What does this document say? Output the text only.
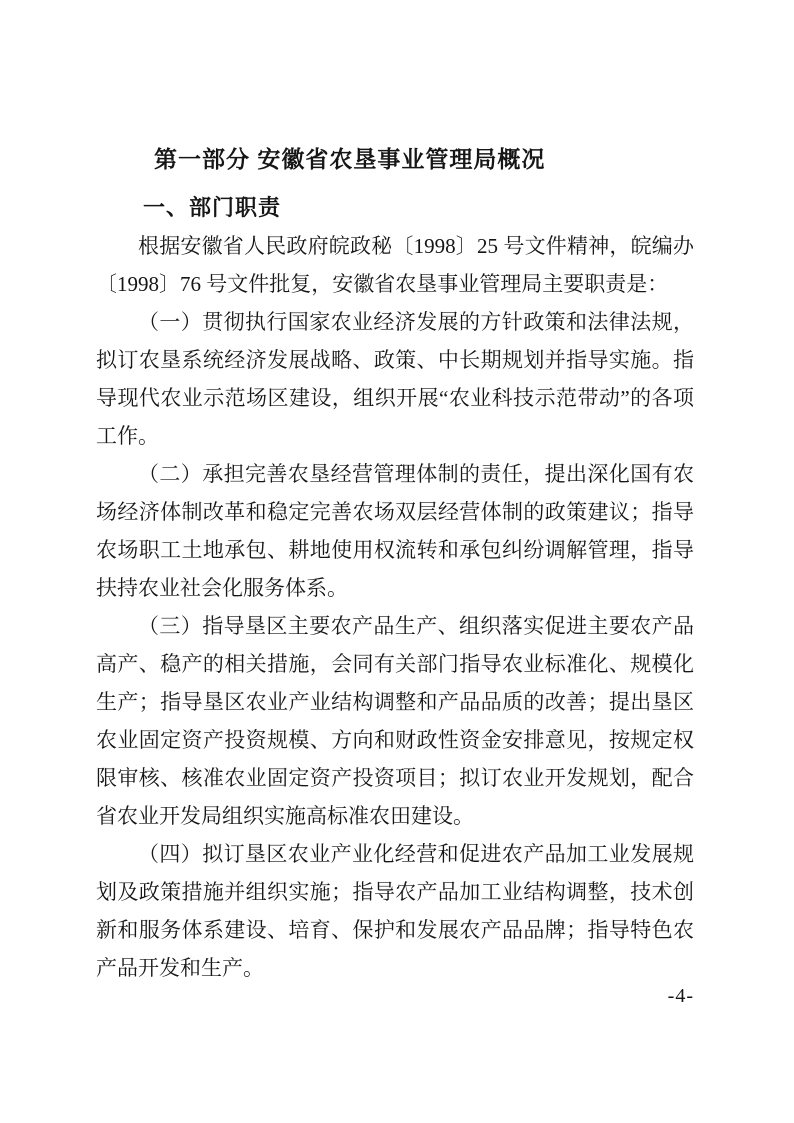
第一部分 安徽省农垦事业管理局概况
一、部门职责

根据安徽省人民政府皖政秘〔1998〕25 号文件精神，皖编办〔1998〕76 号文件批复，安徽省农垦事业管理局主要职责是：

（一）贯彻执行国家农业经济发展的方针政策和法律法规，拟订农垦系统经济发展战略、政策、中长期规划并指导实施。指导现代农业示范场区建设，组织开展“农业科技示范带动”的各项工作。

（二）承担完善农垦经营管理体制的责任，提出深化国有农场经济体制改革和稳定完善农场双层经营体制的政策建议；指导农场职工土地承包、耕地使用权流转和承包纠纷调解管理，指导扶持农业社会化服务体系。

（三）指导垦区主要农产品生产、组织落实促进主要农产品高产、稳产的相关措施，会同有关部门指导农业标准化、规模化生产；指导垦区农业产业结构调整和产品品质的改善；提出垦区农业固定资产投资规模、方向和财政性资金安排意见，按规定权限审核、核准农业固定资产投资项目；拟订农业开发规划，配合省农业开发局组织实施高标准农田建设。

（四）拟订垦区农业产业化经营和促进农产品加工业发展规划及政策措施并组织实施；指导农产品加工业结构调整，技术创新和服务体系建设、培育、保护和发展农产品品牌；指导特色农产品开发和生产。

-4-
